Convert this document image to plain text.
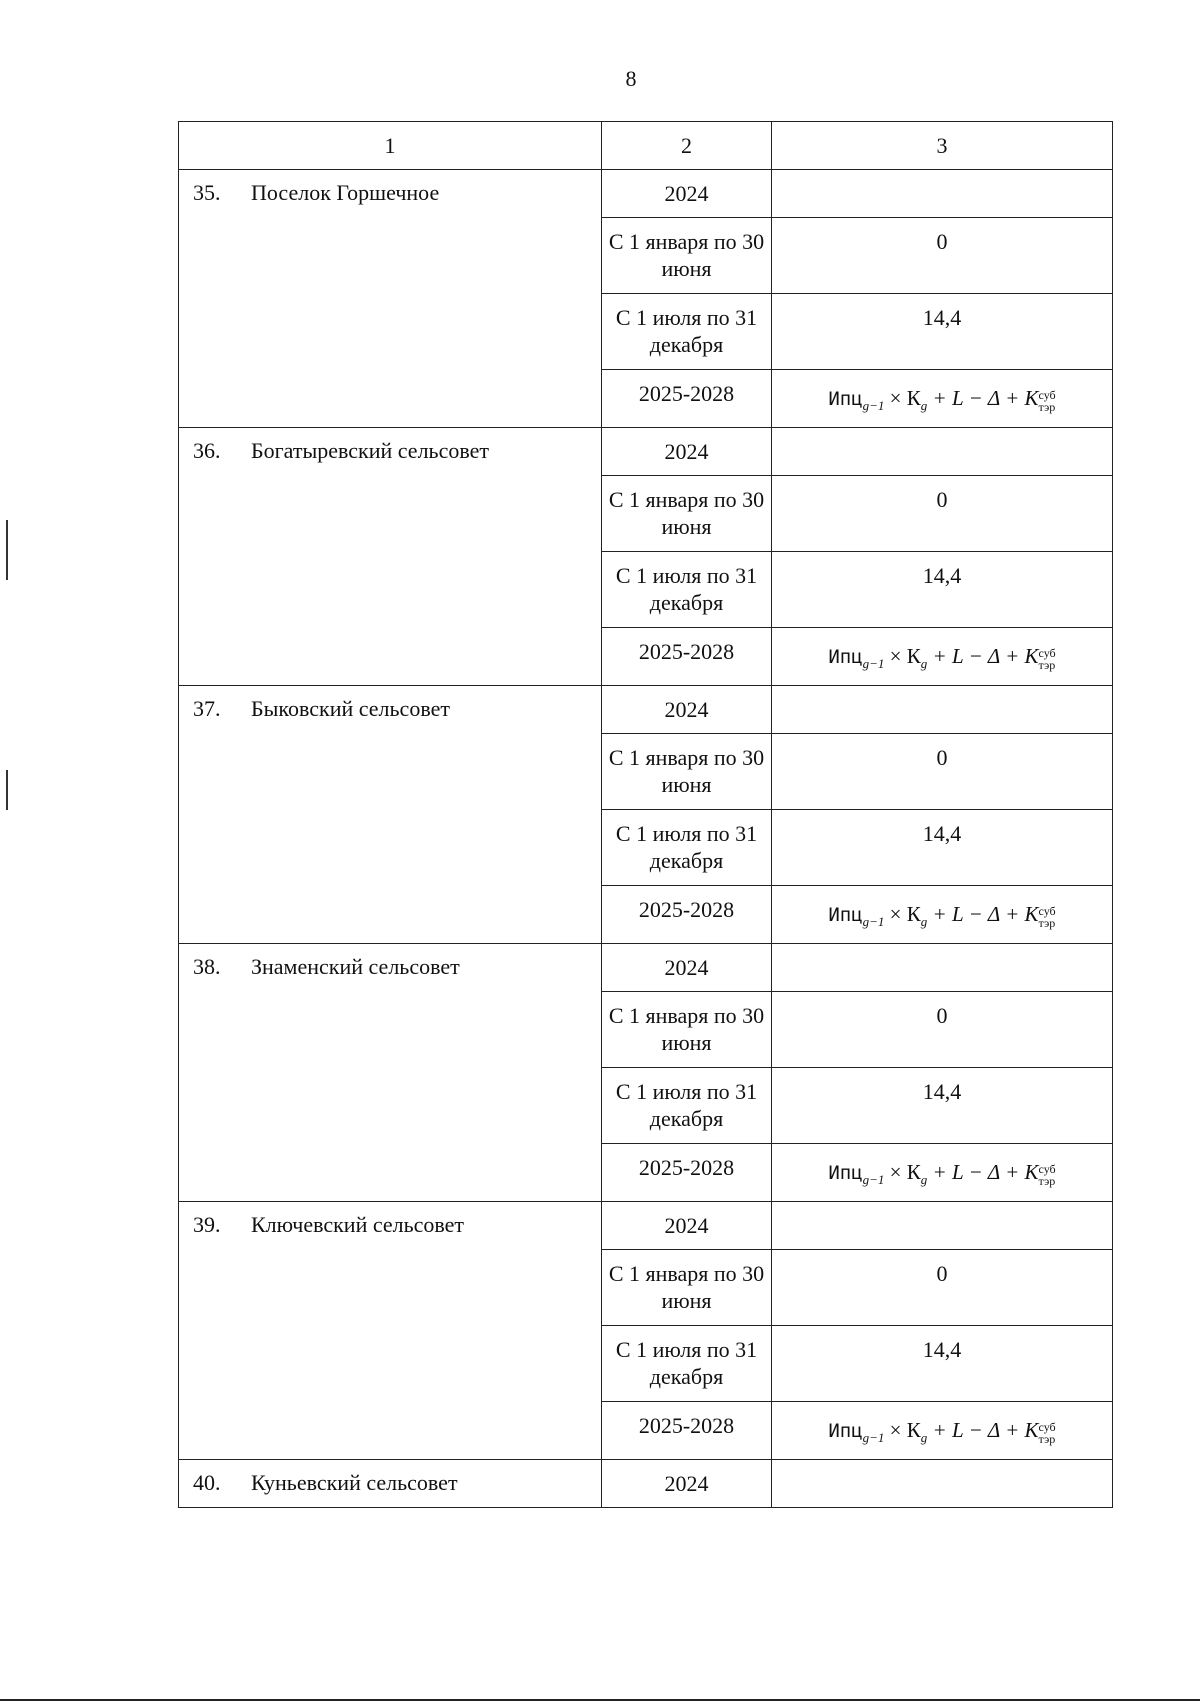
8
1	2	3

35. Поселок Горшечное	2024	

	С 1 января по 30 июня	0

	С 1 июля по 31 декабря	14,4

	2025-2028	$Ипц_{g-1} \times К_g + L - \Delta + K$ суб
тэр

36. Богатыревский сельсовет	2024	

	С 1 января по 30 июня	0

	С 1 июля по 31 декабря	14,4

	2025-2028	$Ипц_{g-1} \times К_g + L - \Delta + K$ суб
тэр

37. Быковский сельсовет	2024	

	С 1 января по 30 июня	0

	С 1 июля по 31 декабря	14,4

	2025-2028	$Ипц_{g-1} \times К_g + L - \Delta + K$ суб
тэр

38. Знаменский сельсовет	2024	

	С 1 января по 30 июня	0

	С 1 июля по 31 декабря	14,4

	2025-2028	$Ипц_{g-1} \times К_g + L - \Delta + K$ суб
тэр

39. Ключевский сельсовет	2024	

	С 1 января по 30 июня	0

	С 1 июля по 31 декабря	14,4

	2025-2028	$Ипц_{g-1} \times К_g + L - \Delta + K$ суб
тэр

40. Куньевский сельсовет	2024	
